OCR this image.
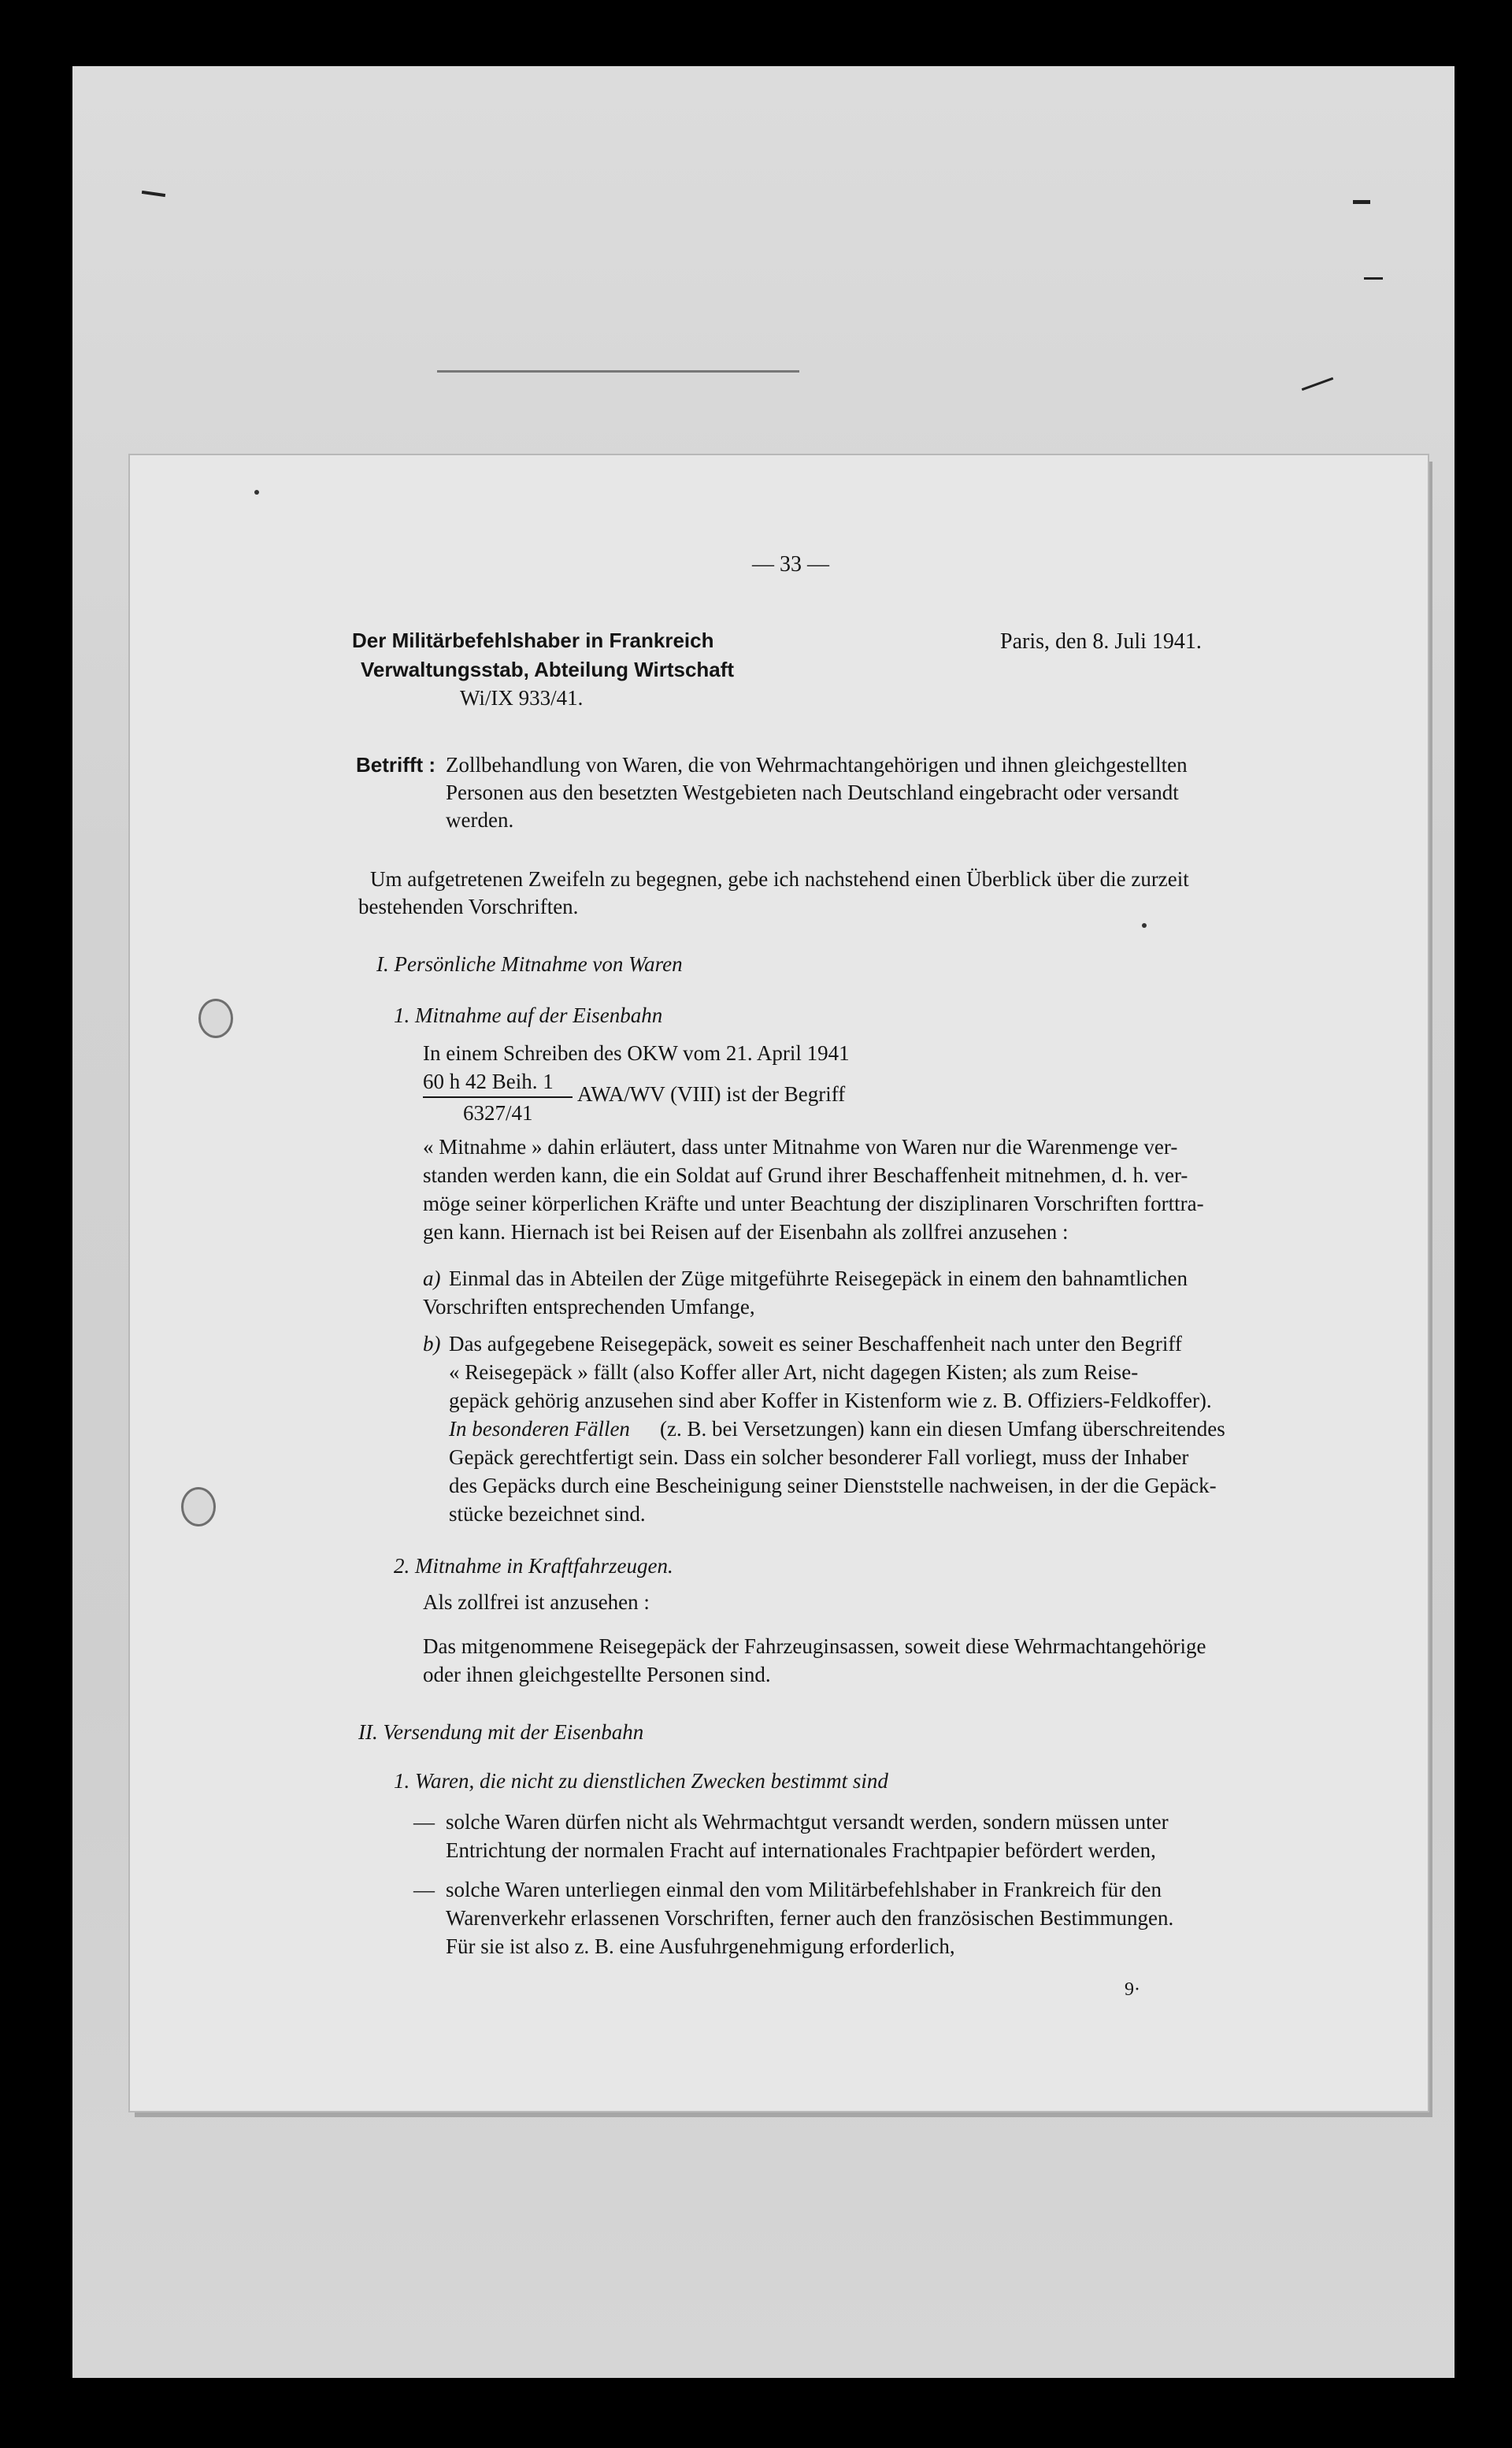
— 33 —
Der Militärbefehlshaber in Frankreich
Verwaltungsstab, Abteilung Wirtschaft
Wi/IX 933/41.
Paris, den 8. Juli 1941.
Betrifft : Zollbehandlung von Waren, die von Wehrmachtangehörigen und ihnen gleichgestellten
Personen aus den besetzten Westgebieten nach Deutschland eingebracht oder versandt
werden.
Um aufgetretenen Zweifeln zu begegnen, gebe ich nachstehend einen Überblick über die zurzeit
bestehenden Vorschriften.
I. Persönliche Mitnahme von Waren
1. Mitnahme auf der Eisenbahn
In einem Schreiben des OKW vom 21. April 1941
60 h 42 Beih. 1
6327/41
AWA/WV (VIII) ist der Begriff
« Mitnahme » dahin erläutert, dass unter Mitnahme von Waren nur die Warenmenge ver-
standen werden kann, die ein Soldat auf Grund ihrer Beschaffenheit mitnehmen, d. h. ver-
möge seiner körperlichen Kräfte und unter Beachtung der disziplinaren Vorschriften forttra-
gen kann. Hiernach ist bei Reisen auf der Eisenbahn als zollfrei anzusehen :
a) Einmal das in Abteilen der Züge mitgeführte Reisegepäck in einem den bahnamtlichen
Vorschriften entsprechenden Umfange,
b) Das aufgegebene Reisegepäck, soweit es seiner Beschaffenheit nach unter den Begriff
« Reisegepäck » fällt (also Koffer aller Art, nicht dagegen Kisten; als zum Reise-
gepäck gehörig anzusehen sind aber Koffer in Kistenform wie z. B. Offiziers-Feldkoffer).
In besonderen Fällen (z. B. bei Versetzungen) kann ein diesen Umfang überschreitendes
Gepäck gerechtfertigt sein. Dass ein solcher besonderer Fall vorliegt, muss der Inhaber
des Gepäcks durch eine Bescheinigung seiner Dienststelle nachweisen, in der die Gepäck-
stücke bezeichnet sind.
2. Mitnahme in Kraftfahrzeugen.
Als zollfrei ist anzusehen :
Das mitgenommene Reisegepäck der Fahrzeuginsassen, soweit diese Wehrmachtangehörige
oder ihnen gleichgestellte Personen sind.
II. Versendung mit der Eisenbahn
1. Waren, die nicht zu dienstlichen Zwecken bestimmt sind
— solche Waren dürfen nicht als Wehrmachtgut versandt werden, sondern müssen unter
Entrichtung der normalen Fracht auf internationales Frachtpapier befördert werden,
— solche Waren unterliegen einmal den vom Militärbefehlshaber in Frankreich für den
Warenverkehr erlassenen Vorschriften, ferner auch den französischen Bestimmungen.
Für sie ist also z. B. eine Ausfuhrgenehmigung erforderlich,
9·
